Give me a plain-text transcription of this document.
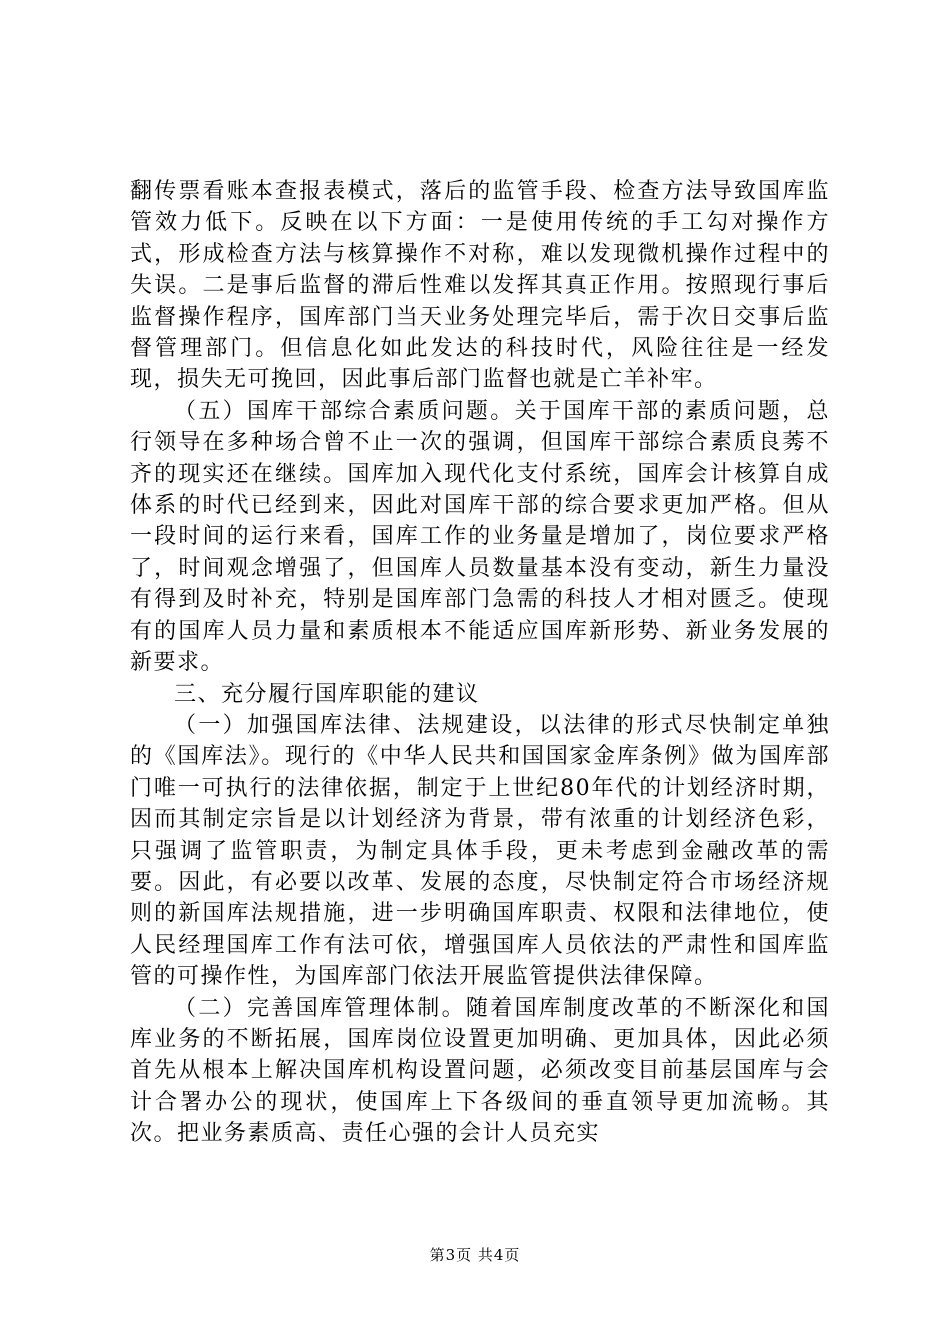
翻传票看账本查报表模式，落后的监管手段、检查方法导致国库监管效力低下。反映在以下方面：一是使用传统的手工勾对操作方式，形成检查方法与核算操作不对称，难以发现微机操作过程中的失误。二是事后监督的滞后性难以发挥其真正作用。按照现行事后监督操作程序，国库部门当天业务处理完毕后，需于次日交事后监督管理部门。但信息化如此发达的科技时代，风险往往是一经发现，损失无可挽回，因此事后部门监督也就是亡羊补牢。

（五）国库干部综合素质问题。关于国库干部的素质问题，总行领导在多种场合曾不止一次的强调，但国库干部综合素质良莠不齐的现实还在继续。国库加入现代化支付系统，国库会计核算自成体系的时代已经到来，因此对国库干部的综合要求更加严格。但从一段时间的运行来看，国库工作的业务量是增加了，岗位要求严格了，时间观念增强了，但国库人员数量基本没有变动，新生力量没有得到及时补充，特别是国库部门急需的科技人才相对匮乏。使现有的国库人员力量和素质根本不能适应国库新形势、新业务发展的新要求。

三、充分履行国库职能的建议

（一）加强国库法律、法规建设，以法律的形式尽快制定单独的《国库法》。现行的《中华人民共和国国家金库条例》做为国库部门唯一可执行的法律依据，制定于上世纪80年代的计划经济时期，因而其制定宗旨是以计划经济为背景，带有浓重的计划经济色彩，只强调了监管职责，为制定具体手段，更未考虑到金融改革的需要。因此，有必要以改革、发展的态度，尽快制定符合市场经济规则的新国库法规措施，进一步明确国库职责、权限和法律地位，使人民经理国库工作有法可依，增强国库人员依法的严肃性和国库监管的可操作性，为国库部门依法开展监管提供法律保障。

（二）完善国库管理体制。随着国库制度改革的不断深化和国库业务的不断拓展，国库岗位设置更加明确、更加具体，因此必须首先从根本上解决国库机构设置问题，必须改变目前基层国库与会计合署办公的现状，使国库上下各级间的垂直领导更加流畅。其次。把业务素质高、责任心强的会计人员充实

第3页 共4页
